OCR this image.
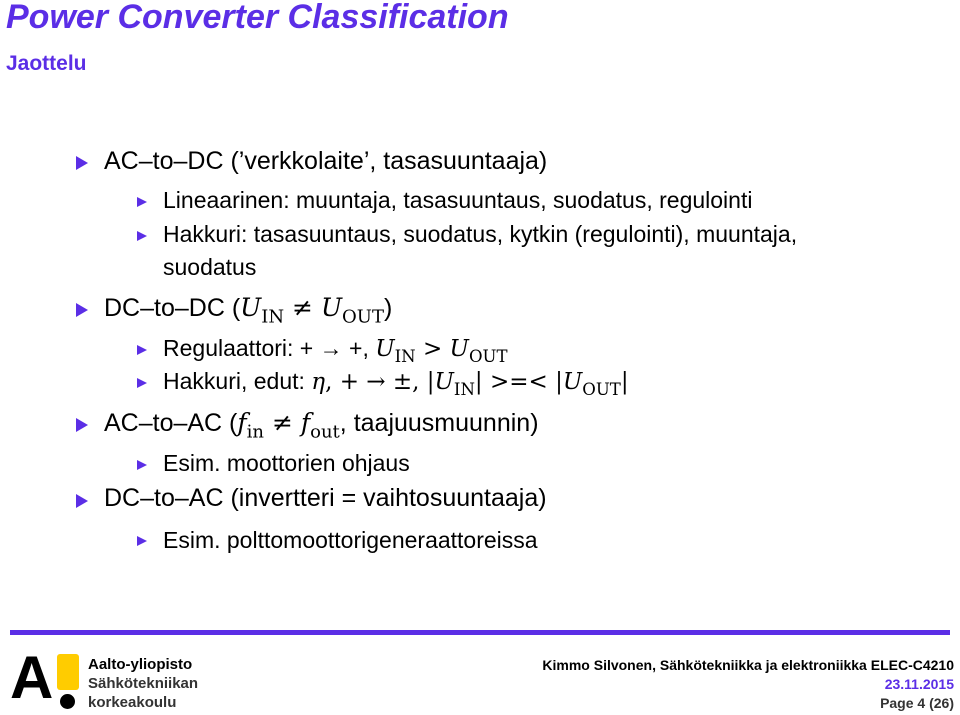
Power Converter Classification
Jaottelu
AC–to–DC (’verkkolaite’, tasasuuntaaja)
Lineaarinen: muuntaja, tasasuuntaus, suodatus, regulointi
Hakkuri: tasasuuntaus, suodatus, kytkin (regulointi), muuntaja,
suodatus
DC–to–DC $(U_{IN} \ne U_{OUT})$
Regulaattori: + → +, $U_{IN} > U_{OUT}$
Hakkuri, edut: η, + → ±, $|U_{IN}|$ >=< $|U_{OUT}|$
AC–to–AC ($f_{in} \ne f_{out}$, taajuusmuunnin)
Esim. moottorien ohjaus
DC–to–AC (invertteri = vaihtosuuntaaja)
Esim. polttomoottorigeneraattoreissa
A Aalto-yliopisto
Sähkötekniikan
korkeakoulu
Kimmo Silvonen, Sähkötekniikka ja elektroniikka ELEC-C4210
23.11.2015
Page 4 (26)
